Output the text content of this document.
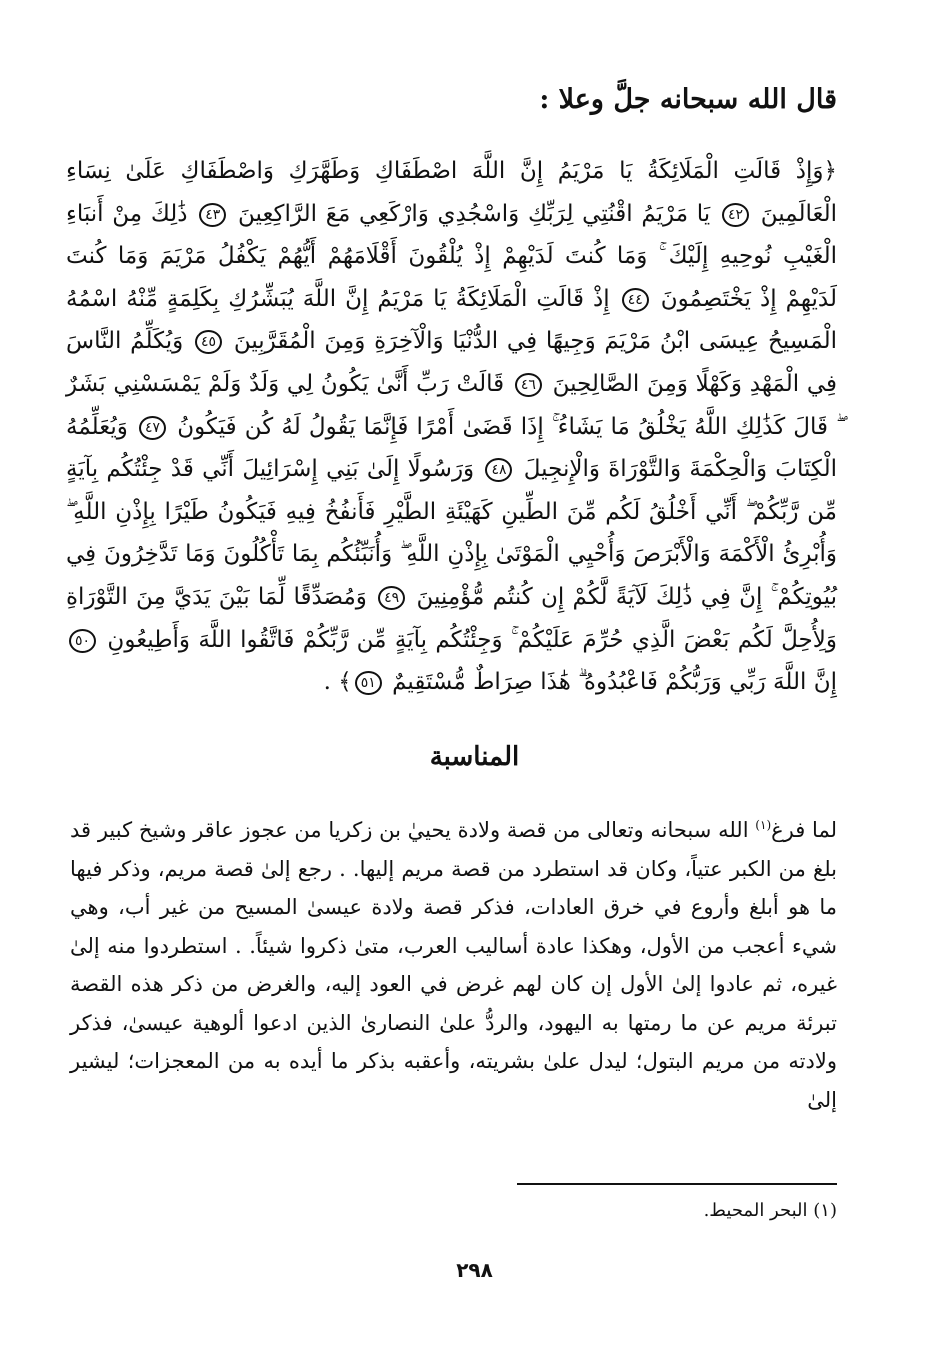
قال الله سبحانه جلَّ وعلا :

﴿وَإِذْ قَالَتِ الْمَلَائِكَةُ يَا مَرْيَمُ إِنَّ اللَّهَ اصْطَفَاكِ وَطَهَّرَكِ وَاصْطَفَاكِ عَلَىٰ نِسَاءِ الْعَالَمِينَ ٤٢ يَا مَرْيَمُ اقْنُتِي لِرَبِّكِ وَاسْجُدِي وَارْكَعِي مَعَ الرَّاكِعِينَ ٤٣ ذَٰلِكَ مِنْ أَنبَاءِ الْغَيْبِ نُوحِيهِ إِلَيْكَ ۚ وَمَا كُنتَ لَدَيْهِمْ إِذْ يُلْقُونَ أَقْلَامَهُمْ أَيُّهُمْ يَكْفُلُ مَرْيَمَ وَمَا كُنتَ لَدَيْهِمْ إِذْ يَخْتَصِمُونَ ٤٤ إِذْ قَالَتِ الْمَلَائِكَةُ يَا مَرْيَمُ إِنَّ اللَّهَ يُبَشِّرُكِ بِكَلِمَةٍ مِّنْهُ اسْمُهُ الْمَسِيحُ عِيسَى ابْنُ مَرْيَمَ وَجِيهًا فِي الدُّنْيَا وَالْآخِرَةِ وَمِنَ الْمُقَرَّبِينَ ٤٥ وَيُكَلِّمُ النَّاسَ فِي الْمَهْدِ وَكَهْلًا وَمِنَ الصَّالِحِينَ ٤٦ قَالَتْ رَبِّ أَنَّىٰ يَكُونُ لِي وَلَدٌ وَلَمْ يَمْسَسْنِي بَشَرٌ ۖ قَالَ كَذَٰلِكِ اللَّهُ يَخْلُقُ مَا يَشَاءُ ۚ إِذَا قَضَىٰ أَمْرًا فَإِنَّمَا يَقُولُ لَهُ كُن فَيَكُونُ ٤٧ وَيُعَلِّمُهُ الْكِتَابَ وَالْحِكْمَةَ وَالتَّوْرَاةَ وَالْإِنجِيلَ ٤٨ وَرَسُولًا إِلَىٰ بَنِي إِسْرَائِيلَ أَنِّي قَدْ جِئْتُكُم بِآيَةٍ مِّن رَّبِّكُمْ ۖ أَنِّي أَخْلُقُ لَكُم مِّنَ الطِّينِ كَهَيْئَةِ الطَّيْرِ فَأَنفُخُ فِيهِ فَيَكُونُ طَيْرًا بِإِذْنِ اللَّهِ ۖ وَأُبْرِئُ الْأَكْمَهَ وَالْأَبْرَصَ وَأُحْيِي الْمَوْتَىٰ بِإِذْنِ اللَّهِ ۖ وَأُنَبِّئُكُم بِمَا تَأْكُلُونَ وَمَا تَدَّخِرُونَ فِي بُيُوتِكُمْ ۚ إِنَّ فِي ذَٰلِكَ لَآيَةً لَّكُمْ إِن كُنتُم مُّؤْمِنِينَ ٤٩ وَمُصَدِّقًا لِّمَا بَيْنَ يَدَيَّ مِنَ التَّوْرَاةِ وَلِأُحِلَّ لَكُم بَعْضَ الَّذِي حُرِّمَ عَلَيْكُمْ ۚ وَجِئْتُكُم بِآيَةٍ مِّن رَّبِّكُمْ فَاتَّقُوا اللَّهَ وَأَطِيعُونِ ٥٠ إِنَّ اللَّهَ رَبِّي وَرَبُّكُمْ فَاعْبُدُوهُ ۗ هَٰذَا صِرَاطٌ مُّسْتَقِيمٌ ٥١﴾ .

المناسبة

لما فرغ$^{(١)}$ الله سبحانه وتعالى من قصة ولادة يحييٰ بن زكريا من عجوز عاقر وشيخ كبير قد بلغ من الكبر عتياً، وكان قد استطرد من قصة مريم إليها. . رجع إلىٰ قصة مريم، وذكر فيها ما هو أبلغ وأروع في خرق العادات، فذكر قصة ولادة عيسىٰ المسيح من غير أب، وهي شيء أعجب من الأول، وهكذا عادة أساليب العرب، متىٰ ذكروا شيئاً. . استطردوا منه إلىٰ غيره، ثم عادوا إلىٰ الأول إن كان لهم غرض في العود إليه، والغرض من ذكر هذه القصة تبرئة مريم عن ما رمتها به اليهود، والردُّ علىٰ النصارىٰ الذين ادعوا ألوهية عيسىٰ، فذكر ولادته من مريم البتول؛ ليدل علىٰ بشريته، وأعقبه بذكر ما أيده به من المعجزات؛ ليشير إلىٰ

(١) البحر المحيط.

٢٩٨
